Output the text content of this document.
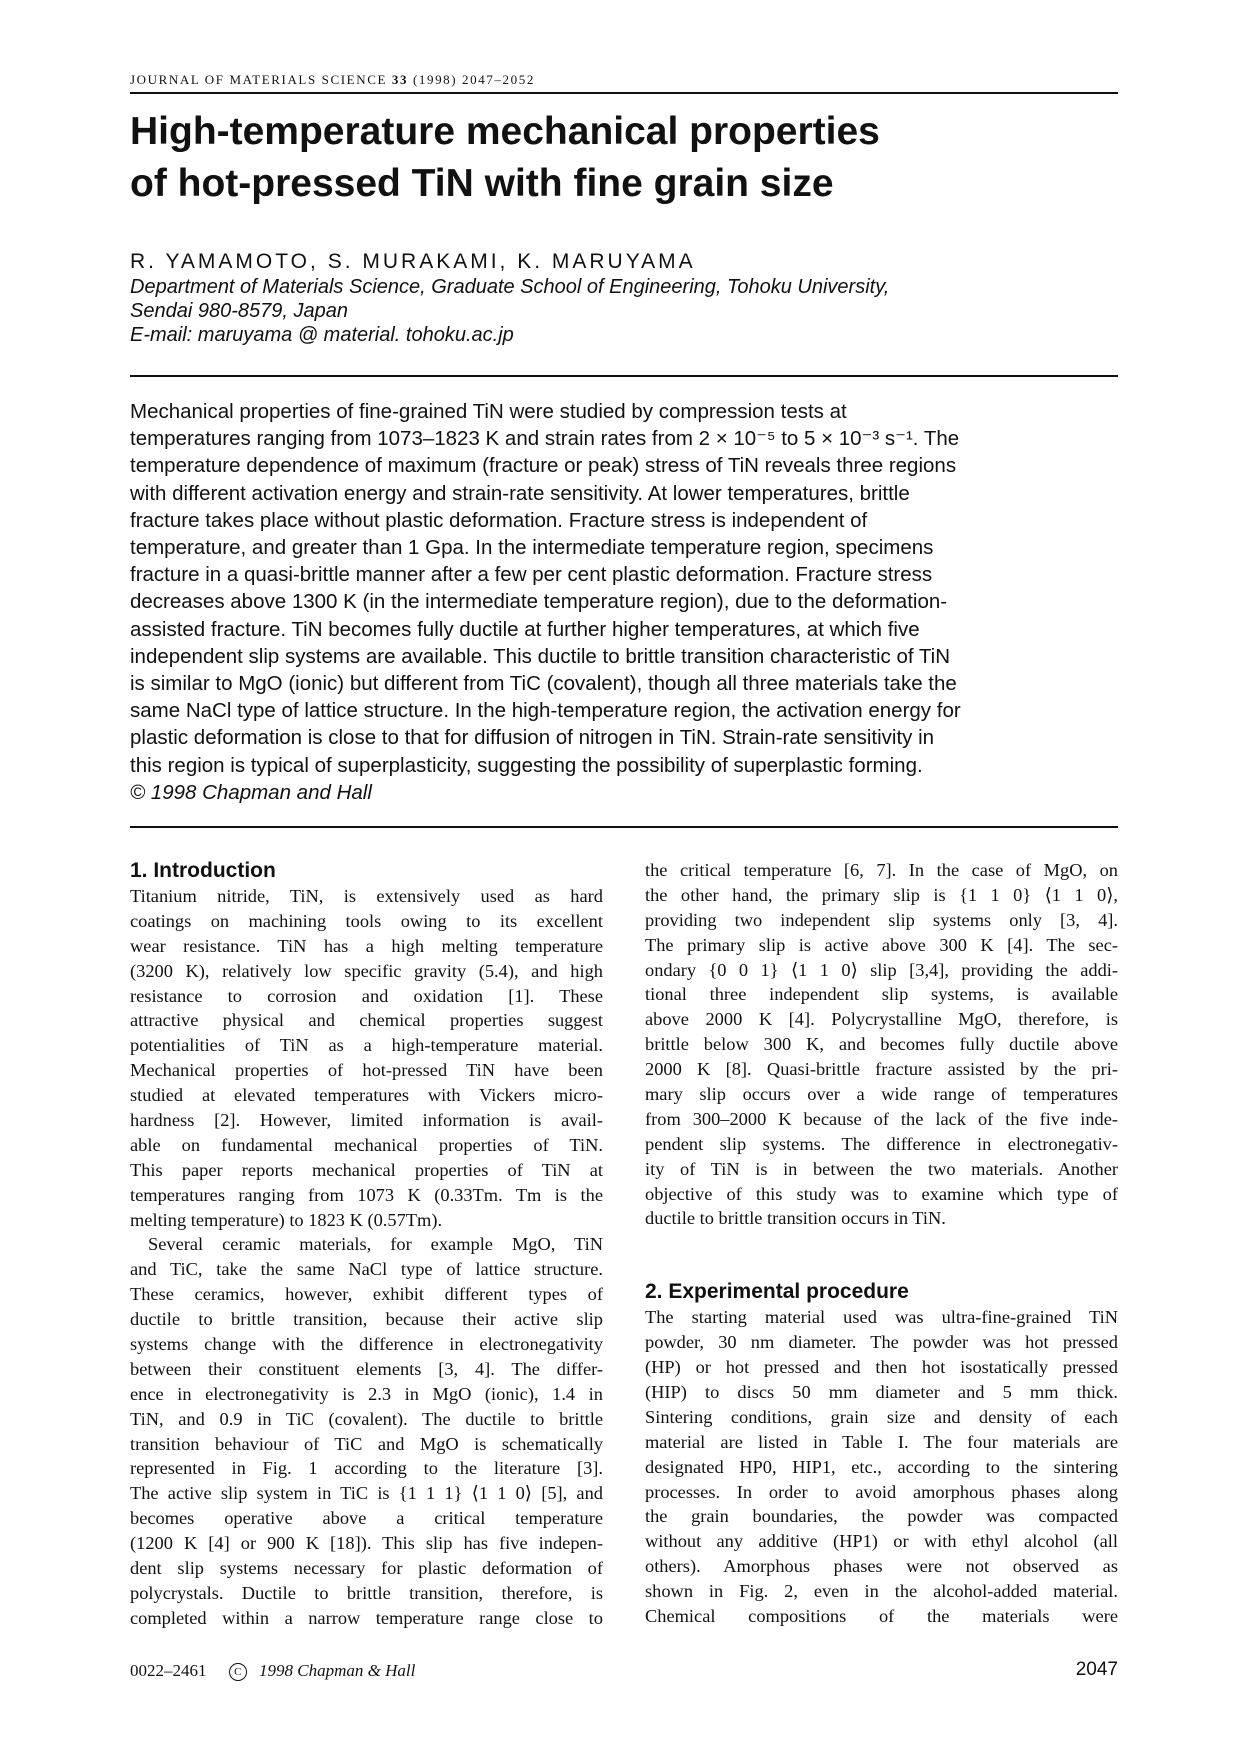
JOURNAL OF MATERIALS SCIENCE 33 (1998) 2047–2052
High-temperature mechanical properties
of hot-pressed TiN with fine grain size
R. YAMAMOTO, S. MURAKAMI, K. MARUYAMA
Department of Materials Science, Graduate School of Engineering, Tohoku University,
Sendai 980-8579, Japan
E-mail: maruyama @ material. tohoku.ac.jp
Mechanical properties of fine-grained TiN were studied by compression tests at
temperatures ranging from 1073–1823 K and strain rates from 2 × 10⁻⁵ to 5 × 10⁻³ s⁻¹. The
temperature dependence of maximum (fracture or peak) stress of TiN reveals three regions
with different activation energy and strain-rate sensitivity. At lower temperatures, brittle
fracture takes place without plastic deformation. Fracture stress is independent of
temperature, and greater than 1 Gpa. In the intermediate temperature region, specimens
fracture in a quasi-brittle manner after a few per cent plastic deformation. Fracture stress
decreases above 1300 K (in the intermediate temperature region), due to the deformation-
assisted fracture. TiN becomes fully ductile at further higher temperatures, at which five
independent slip systems are available. This ductile to brittle transition characteristic of TiN
is similar to MgO (ionic) but different from TiC (covalent), though all three materials take the
same NaCl type of lattice structure. In the high-temperature region, the activation energy for
plastic deformation is close to that for diffusion of nitrogen in TiN. Strain-rate sensitivity in
this region is typical of superplasticity, suggesting the possibility of superplastic forming.
© 1998 Chapman and Hall
1. Introduction

Titanium nitride, TiN, is extensively used as hard
coatings on machining tools owing to its excellent
wear resistance. TiN has a high melting temperature
(3200 K), relatively low specific gravity (5.4), and high
resistance to corrosion and oxidation [1]. These
attractive physical and chemical properties suggest
potentialities of TiN as a high-temperature material.
Mechanical properties of hot-pressed TiN have been
studied at elevated temperatures with Vickers micro-
hardness [2]. However, limited information is avail-
able on fundamental mechanical properties of TiN.
This paper reports mechanical properties of TiN at
temperatures ranging from 1073 K (0.33Tm. Tm is the
melting temperature) to 1823 K (0.57Tm).

Several ceramic materials, for example MgO, TiN
and TiC, take the same NaCl type of lattice structure.
These ceramics, however, exhibit different types of
ductile to brittle transition, because their active slip
systems change with the difference in electronegativity
between their constituent elements [3, 4]. The differ-
ence in electronegativity is 2.3 in MgO (ionic), 1.4 in
TiN, and 0.9 in TiC (covalent). The ductile to brittle
transition behaviour of TiC and MgO is schematically
represented in Fig. 1 according to the literature [3].
The active slip system in TiC is {1 1 1} ⟨1 1 0⟩ [5], and
becomes operative above a critical temperature
(1200 K [4] or 900 K [18]). This slip has five indepen-
dent slip systems necessary for plastic deformation of
polycrystals. Ductile to brittle transition, therefore, is
completed within a narrow temperature range close to

the critical temperature [6, 7]. In the case of MgO, on
the other hand, the primary slip is {1 1 0} ⟨1 1 0⟩,
providing two independent slip systems only [3, 4].
The primary slip is active above 300 K [4]. The sec-
ondary {0 0 1} ⟨1 1 0⟩ slip [3,4], providing the addi-
tional three independent slip systems, is available
above 2000 K [4]. Polycrystalline MgO, therefore, is
brittle below 300 K, and becomes fully ductile above
2000 K [8]. Quasi-brittle fracture assisted by the pri-
mary slip occurs over a wide range of temperatures
from 300–2000 K because of the lack of the five inde-
pendent slip systems. The difference in electronegativ-
ity of TiN is in between the two materials. Another
objective of this study was to examine which type of
ductile to brittle transition occurs in TiN.

2. Experimental procedure

The starting material used was ultra-fine-grained TiN
powder, 30 nm diameter. The powder was hot pressed
(HP) or hot pressed and then hot isostatically pressed
(HIP) to discs 50 mm diameter and 5 mm thick.
Sintering conditions, grain size and density of each
material are listed in Table I. The four materials are
designated HP0, HIP1, etc., according to the sintering
processes. In order to avoid amorphous phases along
the grain boundaries, the powder was compacted
without any additive (HP1) or with ethyl alcohol (all
others). Amorphous phases were not observed as
shown in Fig. 2, even in the alcohol-added material.
Chemical compositions of the materials were

0022–2461	C 1998 Chapman & Hall	2047
